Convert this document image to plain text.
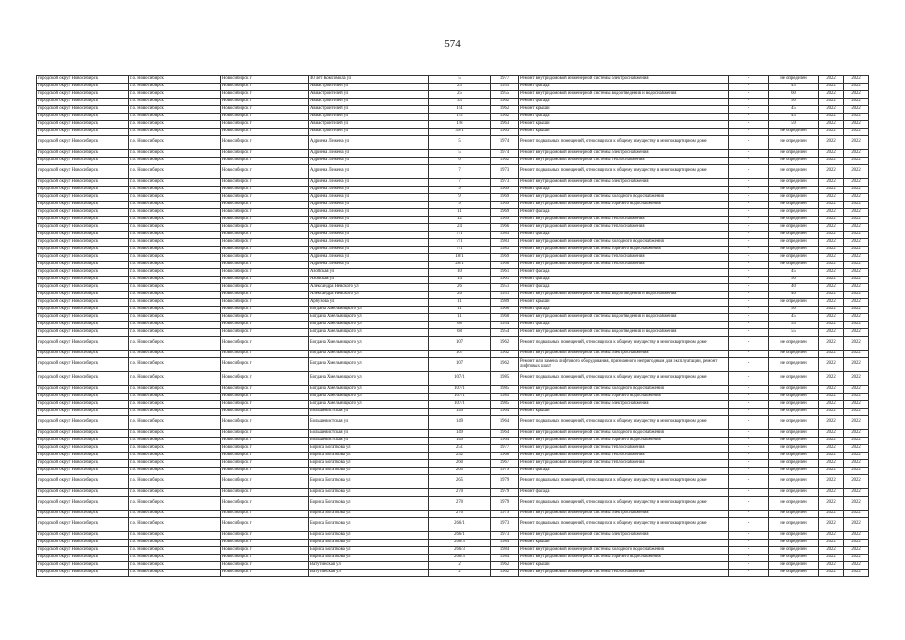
574
городской округ Новосибирск	г.о. Новосибирск	Новосибирск г	40 лет Комсомола ул	5	1977	Ремонт внутридомовой инженерной системы электроснабжения	-	не определен	2022	2022
городской округ Новосибирск	г.о. Новосибирск	Новосибирск г	Авиастроителей ул	25	1955	Ремонт фасада	-	45	2022	2022
городской округ Новосибирск	г.о. Новосибирск	Новосибирск г	Авиастроителей ул	25	1955	Ремонт внутридомовой инженерной системы водоотведения и водоснабжения	-	60	2022	2022
городской округ Новосибирск	г.о. Новосибирск	Новосибирск г	Авиастроителей ул	33	1962	Ремонт фасада	-	50	2022	2022
городской округ Новосибирск	г.о. Новосибирск	Новосибирск г	Авиастроителей ул	1/4	1962	Ремонт крыши	-	45	2022	2022
городской округ Новосибирск	г.о. Новосибирск	Новосибирск г	Авиастроителей ул	1/5	1962	Ремонт фасада	-	45	2022	2022
городской округ Новосибирск	г.о. Новосибирск	Новосибирск г	Авиастроителей ул	1/8	1963	Ремонт крыши	-	59	2022	2022
городской округ Новосибирск	г.о. Новосибирск	Новосибирск г	Авиастроителей ул	39/1	1963	Ремонт крыши	-	не определен	2022	2022
городской округ Новосибирск	г.о. Новосибирск	Новосибирск г	Адриена Лежена ул	5	1974	Ремонт подвальных помещений, относящихся к общему имуществу в многоквартирном доме	-	не определен	2022	2022
городской округ Новосибирск	г.о. Новосибирск	Новосибирск г	Адриена Лежена ул	5	1974	Ремонт внутридомовой инженерной системы электроснабжения	-	не определен	2022	2022
городской округ Новосибирск	г.о. Новосибирск	Новосибирск г	Адриена Лежена ул	6	1962	Ремонт внутридомовой инженерной системы теплоснабжения	-	не определен	2022	2022
городской округ Новосибирск	г.о. Новосибирск	Новосибирск г	Адриена Лежена ул	7	1973	Ремонт подвальных помещений, относящихся к общему имуществу в многоквартирном доме	-	не определен	2022	2022
городской округ Новосибирск	г.о. Новосибирск	Новосибирск г	Адриена Лежена ул	7	1973	Ремонт внутридомовой инженерной системы электроснабжения	-	не определен	2022	2022
городской округ Новосибирск	г.о. Новосибирск	Новосибирск г	Адриена Лежена ул	9	1969	Ремонт фасада	-	не определен	2022	2022
городской округ Новосибирск	г.о. Новосибирск	Новосибирск г	Адриена Лежена ул	9	1969	Ремонт внутридомовой инженерной системы холодного водоснабжения	-	не определен	2022	2022
городской округ Новосибирск	г.о. Новосибирск	Новосибирск г	Адриена Лежена ул	9	1969	Ремонт внутридомовой инженерной системы горячего водоснабжения	-	не определен	2022	2022
городской округ Новосибирск	г.о. Новосибирск	Новосибирск г	Адриена Лежена ул	11	1969	Ремонт фасада	-	не определен	2022	2022
городской округ Новосибирск	г.о. Новосибирск	Новосибирск г	Адриена Лежена ул	12	1969	Ремонт внутридомовой инженерной системы теплоснабжения	-	не определен	2022	2022
городской округ Новосибирск	г.о. Новосибирск	Новосибирск г	Адриена Лежена ул	24	1966	Ремонт внутридомовой инженерной системы теплоснабжения	-	не определен	2022	2022
городской округ Новосибирск	г.о. Новосибирск	Новосибирск г	Адриена Лежена ул	7/1	1983	Ремонт фасада	-	не определен	2022	2022
городской округ Новосибирск	г.о. Новосибирск	Новосибирск г	Адриена Лежена ул	7/1	1983	Ремонт внутридомовой инженерной системы холодного водоснабжения	-	не определен	2022	2022
городской округ Новосибирск	г.о. Новосибирск	Новосибирск г	Адриена Лежена ул	7/1	1983	Ремонт внутридомовой инженерной системы горячего водоснабжения	-	не определен	2022	2022
городской округ Новосибирск	г.о. Новосибирск	Новосибирск г	Адриена Лежена ул	18/1	1969	Ремонт внутридомовой инженерной системы теплоснабжения	-	не определен	2022	2022
городской округ Новосибирск	г.о. Новосибирск	Новосибирск г	Адриена Лежена ул	28/1	1966	Ремонт внутридомовой инженерной системы теплоснабжения	-	не определен	2022	2022
городской округ Новосибирск	г.о. Новосибирск	Новосибирск г	Азойская ул	10	1961	Ремонт фасада	-	45	2022	2022
городской округ Новосибирск	г.о. Новосибирск	Новосибирск г	Азойская ул	14	1961	Ремонт фасада	-	50	2022	2022
городской округ Новосибирск	г.о. Новосибирск	Новосибирск г	Александра Невского ул	26	1951	Ремонт фасада	-	40	2022	2022
городской округ Новосибирск	г.о. Новосибирск	Новосибирск г	Александра Невского ул	26	1951	Ремонт внутридомовой инженерной системы водоотведения и водоснабжения	-	40	2022	2022
городской округ Новосибирск	г.о. Новосибирск	Новосибирск г	Арбузова ул	11	1989	Ремонт крыши	-	не определен	2022	2022
городской округ Новосибирск	г.о. Новосибирск	Новосибирск г	Богдана Хмельницкого ул	11	1960	Ремонт фасада	-	50	2022	2022
городской округ Новосибирск	г.о. Новосибирск	Новосибирск г	Богдана Хмельницкого ул	11	1960	Ремонт внутридомовой инженерной системы водоотведения и водоснабжения	-	45	2022	2022
городской округ Новосибирск	г.о. Новосибирск	Новосибирск г	Богдана Хмельницкого ул	68	1954	Ремонт фасада	-	55	2022	2022
городской округ Новосибирск	г.о. Новосибирск	Новосибирск г	Богдана Хмельницкого ул	68	1954	Ремонт внутридомовой инженерной системы водоотведения и водоснабжения	-	55	2022	2022
городской округ Новосибирск	г.о. Новосибирск	Новосибирск г	Богдана Хмельницкого ул	107	1962	Ремонт подвальных помещений, относящихся к общему имуществу в многоквартирном доме	-	не определен	2022	2022
городской округ Новосибирск	г.о. Новосибирск	Новосибирск г	Богдана Хмельницкого ул	107	1962	Ремонт внутридомовой инженерной системы электроснабжения	-	не определен	2022	2022
городской округ Новосибирск	г.о. Новосибирск	Новосибирск г	Богдана Хмельницкого ул	107	1962	Ремонт или замена лифтового оборудования, признанного непригодным для эксплуатации, ремонт лифтовых шахт	-	не определен	2022	2022
городской округ Новосибирск	г.о. Новосибирск	Новосибирск г	Богдана Хмельницкого ул	107/1	1985	Ремонт подвальных помещений, относящихся к общему имуществу в многоквартирном доме	-	не определен	2022	2022
городской округ Новосибирск	г.о. Новосибирск	Новосибирск г	Богдана Хмельницкого ул	107/1	1985	Ремонт внутридомовой инженерной системы холодного водоснабжения	-	не определен	2022	2022
городской округ Новосибирск	г.о. Новосибирск	Новосибирск г	Богдана Хмельницкого ул	107/1	1985	Ремонт внутридомовой инженерной системы горячего водоснабжения	-	не определен	2022	2022
городской округ Новосибирск	г.о. Новосибирск	Новосибирск г	Богдана Хмельницкого ул	107/1	1985	Ремонт внутридомовой инженерной системы электроснабжения	-	не определен	2022	2022
городской округ Новосибирск	г.о. Новосибирск	Новосибирск г	Большевистская ул	149	1964	Ремонт крыши	-	не определен	2022	2022
городской округ Новосибирск	г.о. Новосибирск	Новосибирск г	Большевистская ул	149	1964	Ремонт подвальных помещений, относящихся к общему имуществу в многоквартирном доме	-	не определен	2022	2022
городской округ Новосибирск	г.о. Новосибирск	Новосибирск г	Большевистская ул	149	1964	Ремонт внутридомовой инженерной системы холодного водоснабжения	-	не определен	2022	2022
городской округ Новосибирск	г.о. Новосибирск	Новосибирск г	Большевистская ул	149	1964	Ремонт внутридомовой инженерной системы горячего водоснабжения	-	не определен	2022	2022
городской округ Новосибирск	г.о. Новосибирск	Новосибирск г	Бориса Богаткова ул	251	1977	Ремонт внутридомовой инженерной системы теплоснабжения	-	не определен	2022	2022
городской округ Новосибирск	г.о. Новосибирск	Новосибирск г	Бориса Богаткова ул	252	1968	Ремонт внутридомовой инженерной системы теплоснабжения	-	не определен	2022	2022
городской округ Новосибирск	г.о. Новосибирск	Новосибирск г	Бориса Богаткова ул	260	1967	Ремонт внутридомовой инженерной системы теплоснабжения	-	не определен	2022	2022
городской округ Новосибирск	г.о. Новосибирск	Новосибирск г	Бориса Богаткова ул	265	1979	Ремонт фасада	-	не определен	2022	2022
городской округ Новосибирск	г.о. Новосибирск	Новосибирск г	Бориса Богаткова ул	265	1979	Ремонт подвальных помещений, относящихся к общему имуществу в многоквартирном доме	-	не определен	2022	2022
городской округ Новосибирск	г.о. Новосибирск	Новосибирск г	Бориса Богаткова ул	270	1979	Ремонт фасада	-	не определен	2022	2022
городской округ Новосибирск	г.о. Новосибирск	Новосибирск г	Бориса Богаткова ул	270	1979	Ремонт подвальных помещений, относящихся к общему имуществу в многоквартирном доме	-	не определен	2022	2022
городской округ Новосибирск	г.о. Новосибирск	Новосибирск г	Бориса Богаткова ул	270	1979	Ремонт внутридомовой инженерной системы электроснабжения	-	не определен	2022	2022
городской округ Новосибирск	г.о. Новосибирск	Новосибирск г	Бориса Богаткова ул	266/1	1973	Ремонт подвальных помещений, относящихся к общему имуществу в многоквартирном доме	-	не определен	2022	2022
городской округ Новосибирск	г.о. Новосибирск	Новосибирск г	Бориса Богаткова ул	266/1	1973	Ремонт внутридомовой инженерной системы электроснабжения	-	не определен	2022	2022
городской округ Новосибирск	г.о. Новосибирск	Новосибирск г	Бориса Богаткова ул	266/3	1984	Ремонт крыши	-	не определен	2022	2022
городской округ Новосибирск	г.о. Новосибирск	Новосибирск г	Бориса Богаткова ул	266/3	1984	Ремонт внутридомовой инженерной системы холодного водоснабжения	-	не определен	2022	2022
городской округ Новосибирск	г.о. Новосибирск	Новосибирск г	Бориса Богаткова ул	266/3	1984	Ремонт внутридомовой инженерной системы горячего водоснабжения	-	не определен	2022	2022
городской округ Новосибирск	г.о. Новосибирск	Новосибирск г	Ватутинская ул	2	1962	Ремонт крыши	-	не определен	2022	2022
городской округ Новосибирск	г.о. Новосибирск	Новосибирск г	Ватутинская ул	2	1962	Ремонт внутридомовой инженерной системы теплоснабжения	-	не определен	2022	2022
